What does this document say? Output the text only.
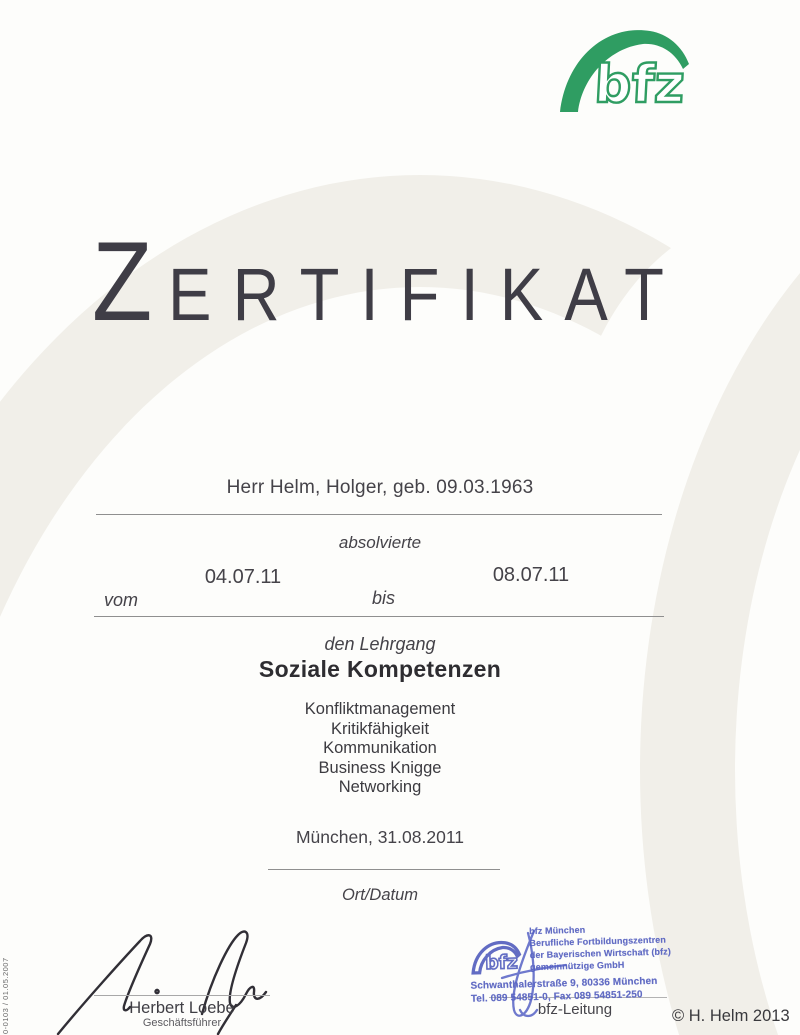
bfz
ZERTIFIKAT
Herr Helm, Holger, geb. 09.03.1963
absolvierte
04.07.11	08.07.11
vom	bis
den Lehrgang
Soziale Kompetenzen
Konfliktmanagement
Kritikfähigkeit
Kommunikation
Business Knigge
Networking
München, 31.08.2011
Ort/Datum
Herbert Loebe
Geschäftsführer
bfz-Leitung
bfz
bfz München
Berufliche Fortbildungszentren
der Bayerischen Wirtschaft (bfz)
gemeinnützige GmbH
Schwanthalerstraße 9, 80336 München
Tel. 089 54851-0, Fax 089 54851-250
© H. Helm 2013
0-0103 / 01.05.2007
